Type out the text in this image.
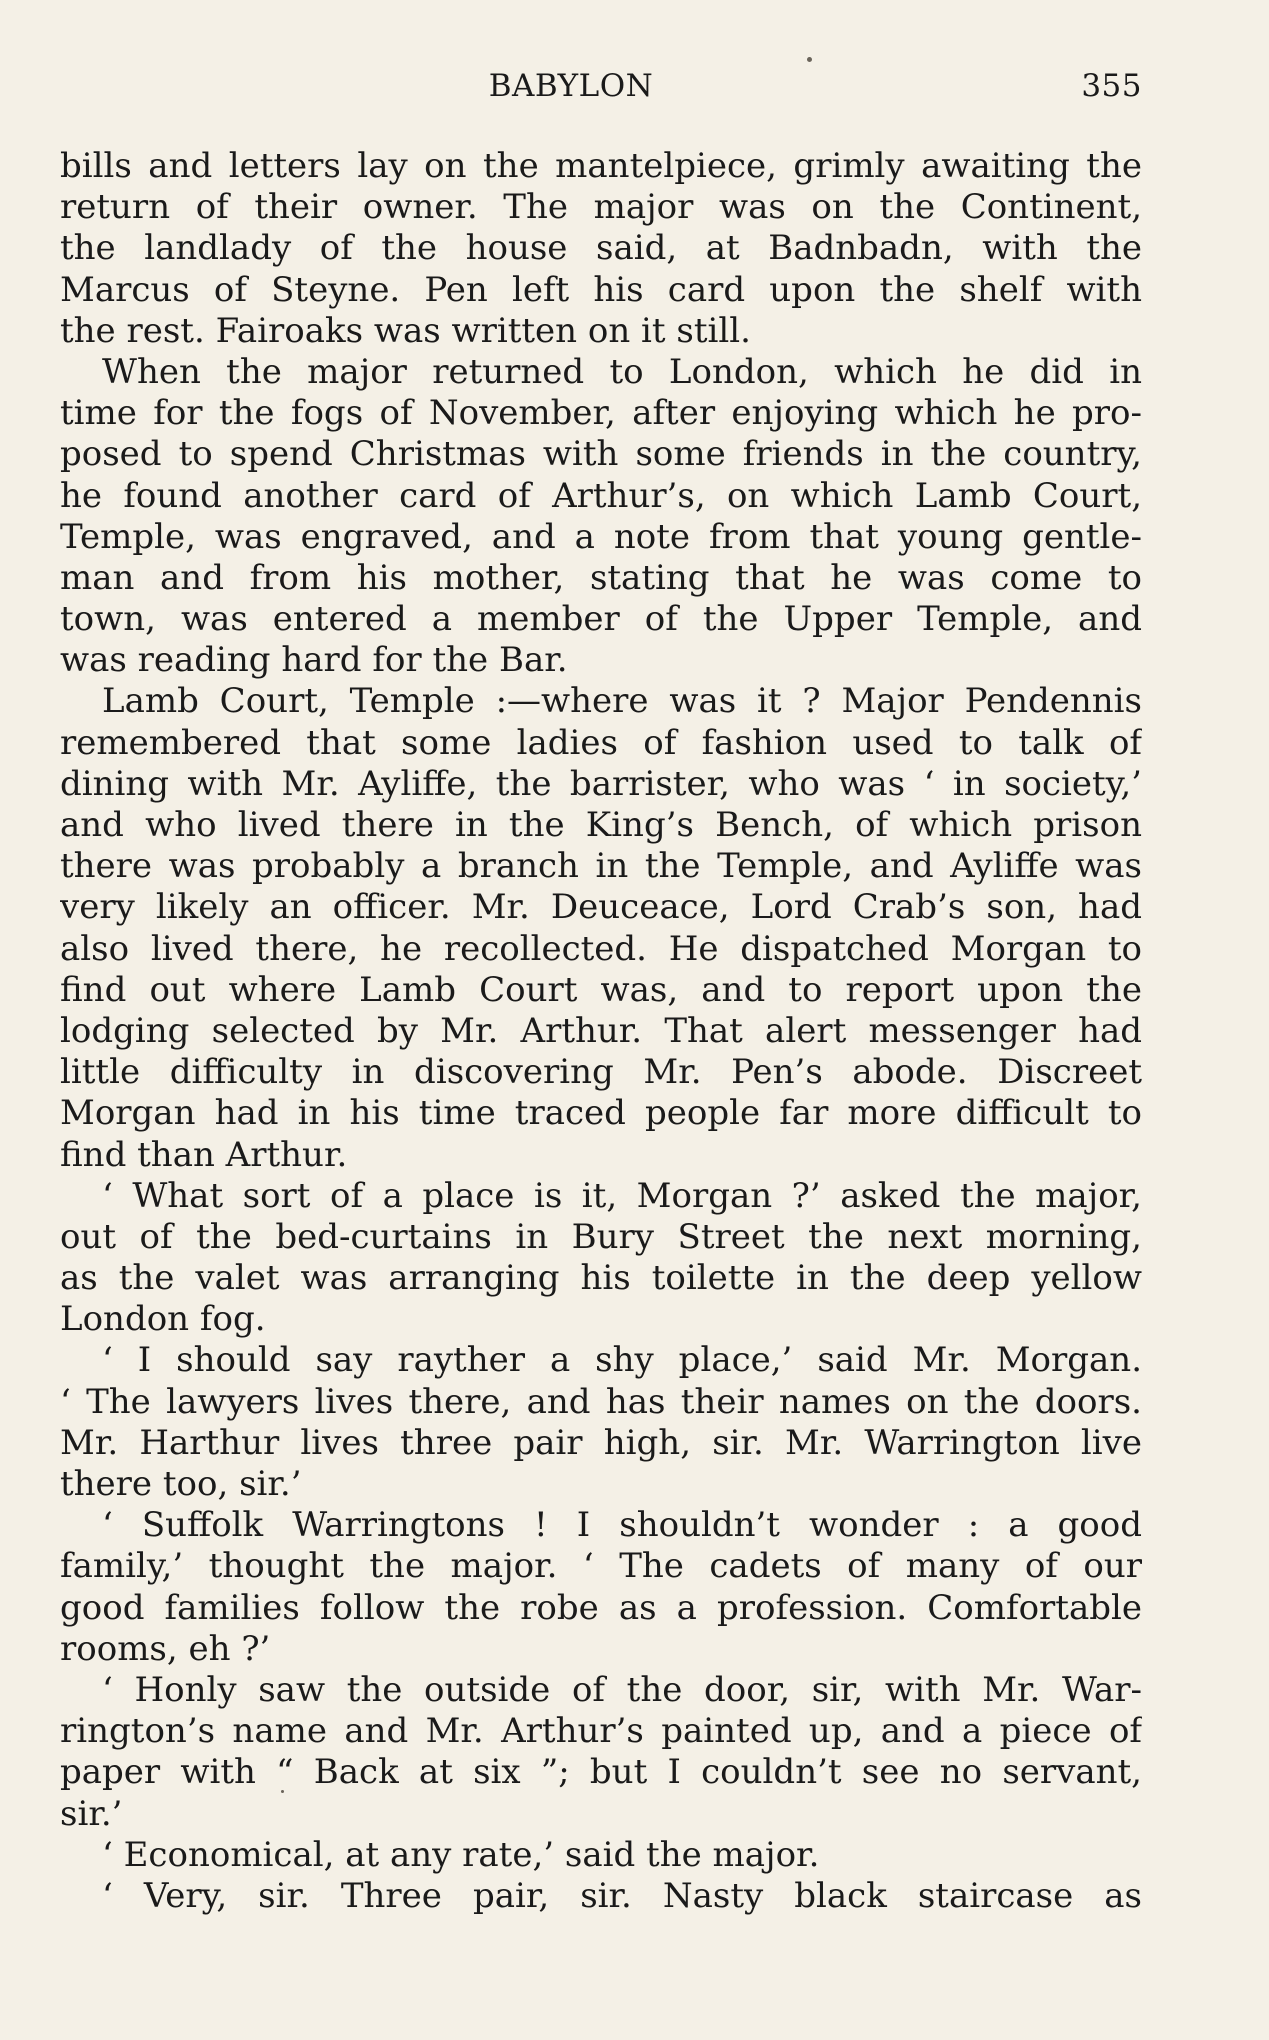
BABYLON	355
bills and letters lay on the mantelpiece, grimly awaiting the
return of their owner. The major was on the Continent,
the landlady of the house said, at Badnbadn, with the
Marcus of Steyne. Pen left his card upon the shelf with
the rest. Fairoaks was written on it still.
When the major returned to London, which he did in
time for the fogs of November, after enjoying which he pro-
posed to spend Christmas with some friends in the country,
he found another card of Arthur’s, on which Lamb Court,
Temple, was engraved, and a note from that young gentle-
man and from his mother, stating that he was come to
town, was entered a member of the Upper Temple, and
was reading hard for the Bar.
Lamb Court, Temple :—where was it ? Major Pendennis
remembered that some ladies of fashion used to talk of
dining with Mr. Ayliffe, the barrister, who was ‘ in society,’
and who lived there in the King’s Bench, of which prison
there was probably a branch in the Temple, and Ayliffe was
very likely an officer. Mr. Deuceace, Lord Crab’s son, had
also lived there, he recollected. He dispatched Morgan to
find out where Lamb Court was, and to report upon the
lodging selected by Mr. Arthur. That alert messenger had
little difficulty in discovering Mr. Pen’s abode. Discreet
Morgan had in his time traced people far more difficult to
find than Arthur.
‘ What sort of a place is it, Morgan ?’ asked the major,
out of the bed-curtains in Bury Street the next morning,
as the valet was arranging his toilette in the deep yellow
London fog.
‘ I should say rayther a shy place,’ said Mr. Morgan.
‘ The lawyers lives there, and has their names on the doors.
Mr. Harthur lives three pair high, sir. Mr. Warrington live
there too, sir.’
‘ Suffolk Warringtons ! I shouldn’t wonder : a good
family,’ thought the major. ‘ The cadets of many of our
good families follow the robe as a profession. Comfortable
rooms, eh ?’
‘ Honly saw the outside of the door, sir, with Mr. War-
rington’s name and Mr. Arthur’s painted up, and a piece of
paper with “ Back at six ”; but I couldn’t see no servant,
sir.’
‘ Economical, at any rate,’ said the major.
‘ Very, sir. Three pair, sir. Nasty black staircase as
